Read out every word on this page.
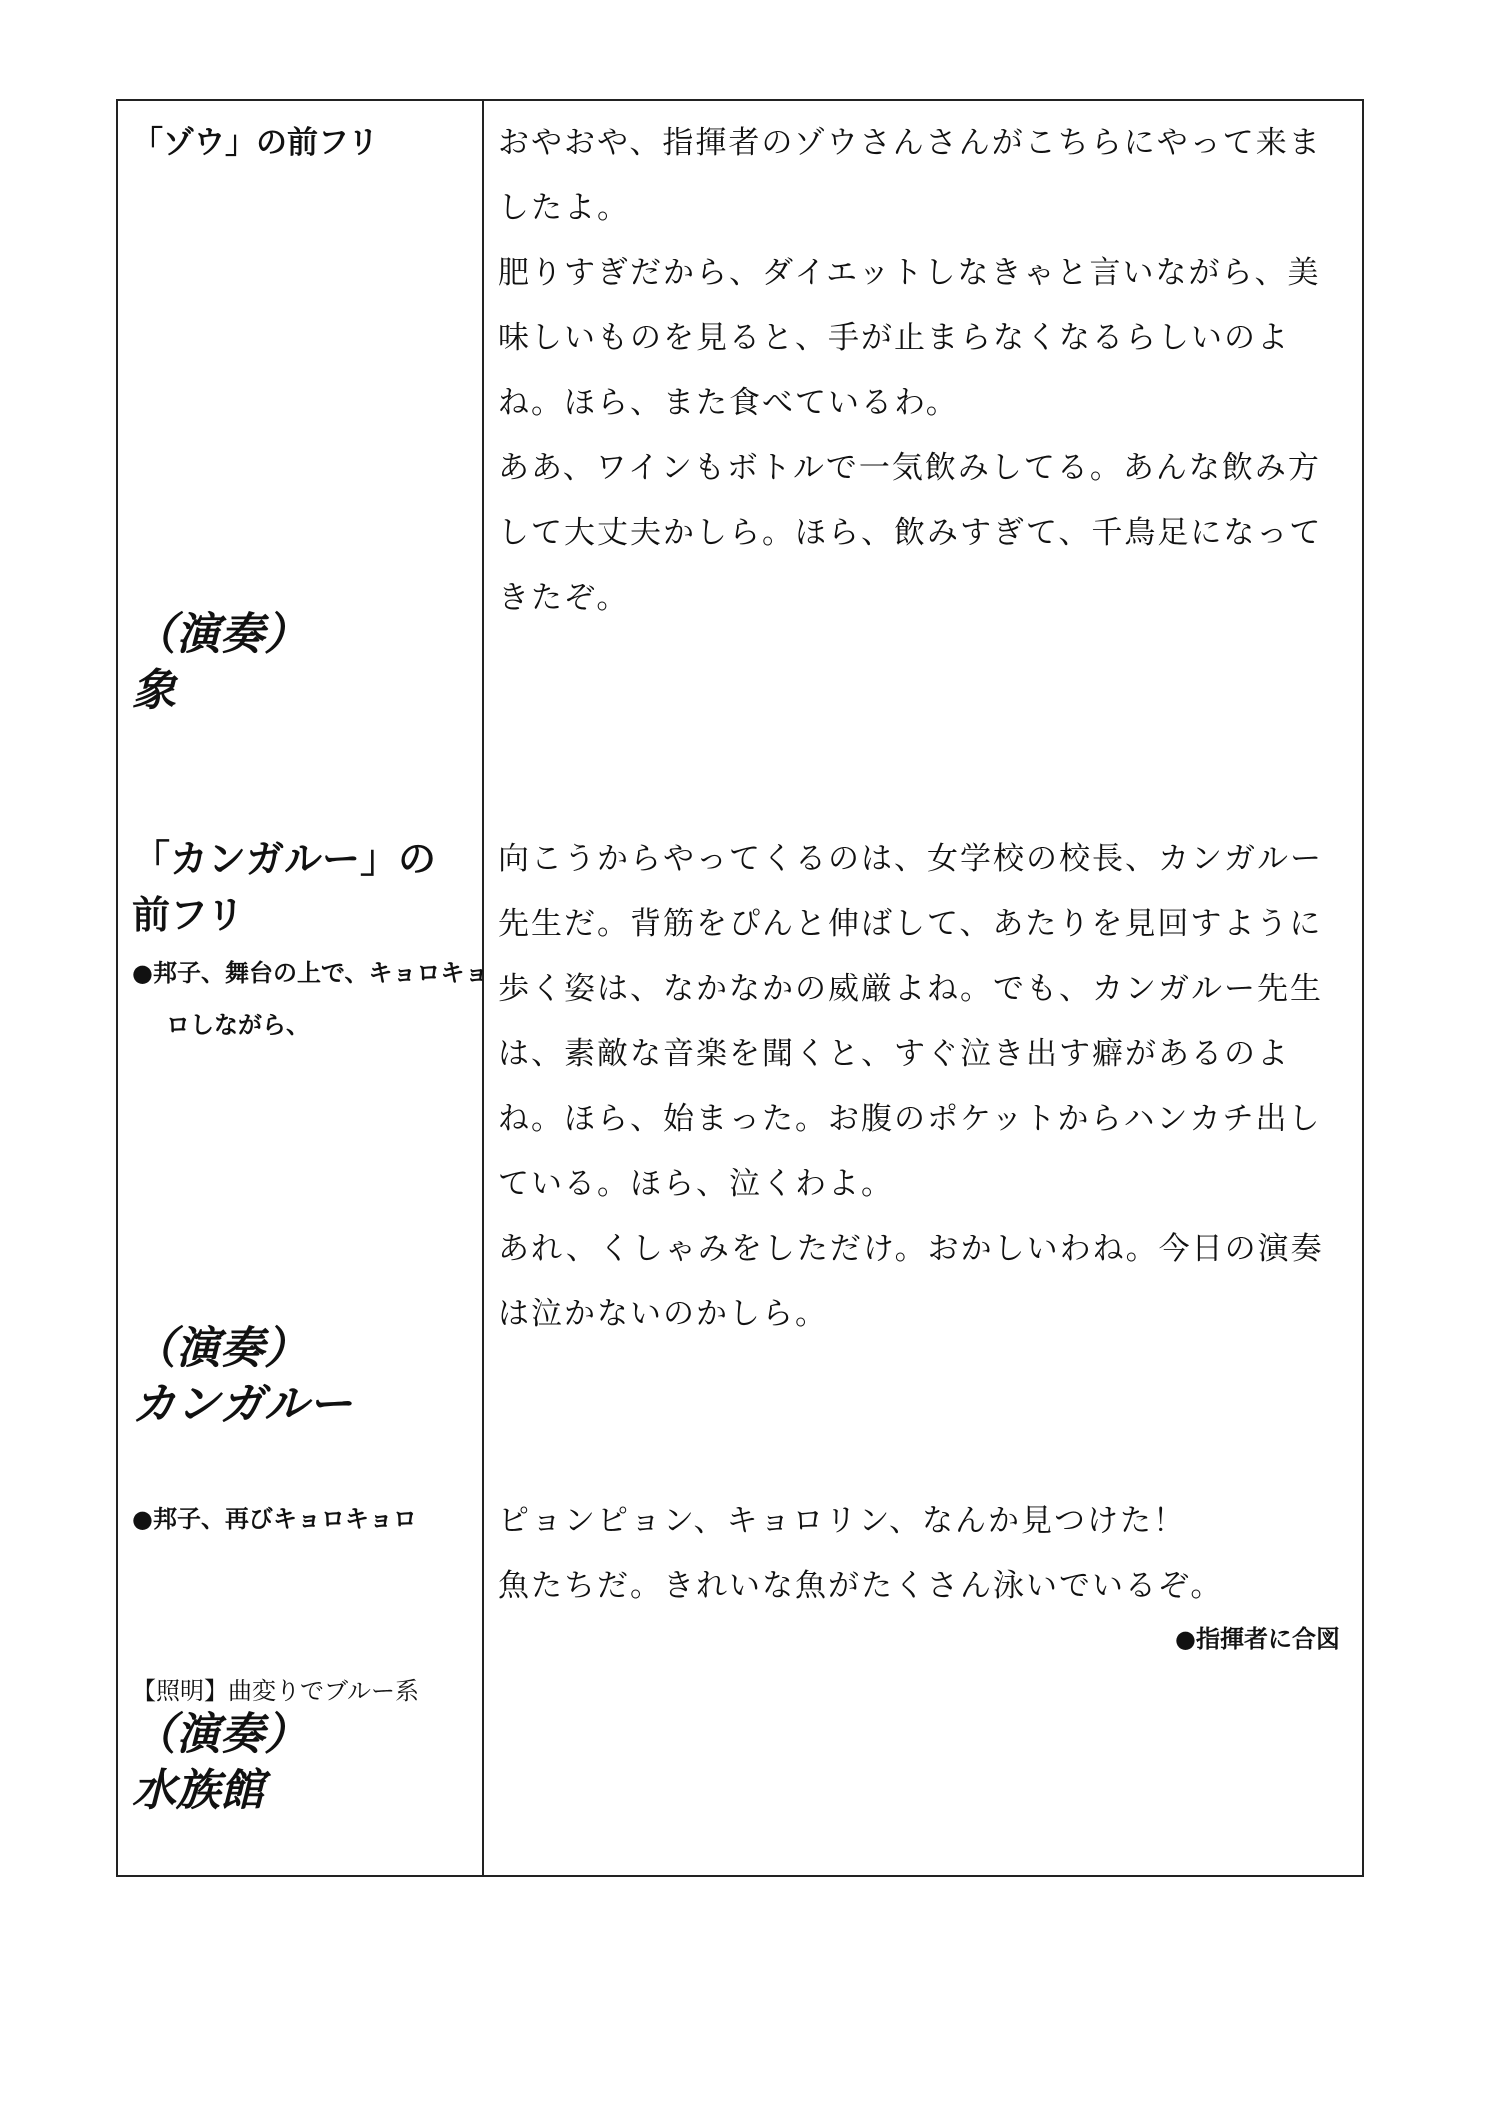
「ゾウ」の前フリ	おやおや、指揮者のゾウさんさんがこちらにやって来ましたよ。

肥りすぎだから、ダイエットしなきゃと言いながら、美味しいものを見ると、手が止まらなくなるらしいのよね。ほら、また食べているわ。

ああ、ワインもボトルで一気飲みしてる。あんな飲み方して大丈夫かしら。ほら、飲みすぎて、千鳥足になってきたぞ。

（演奏）
象
「カンガルー」の前フリ
●邦子、舞台の上で、キョロキョロしながら、

向こうからやってくるのは、女学校の校長、カンガルー先生だ。背筋をぴんと伸ばして、あたりを見回すように歩く姿は、なかなかの威厳よね。でも、カンガルー先生は、素敵な音楽を聞くと、すぐ泣き出す癖があるのよね。ほら、始まった。お腹のポケットからハンカチ出している。ほら、泣くわよ。

あれ、くしゃみをしただけ。おかしいわね。今日の演奏は泣かないのかしら。

（演奏）
カンガルー
●邦子、再びキョロキョロ	ピョンピョン、キョロリン、なんか見つけた！

魚たちだ。きれいな魚がたくさん泳いでいるぞ。

●指揮者に合図
【照明】曲変りでブルー系
（演奏）
水族館
